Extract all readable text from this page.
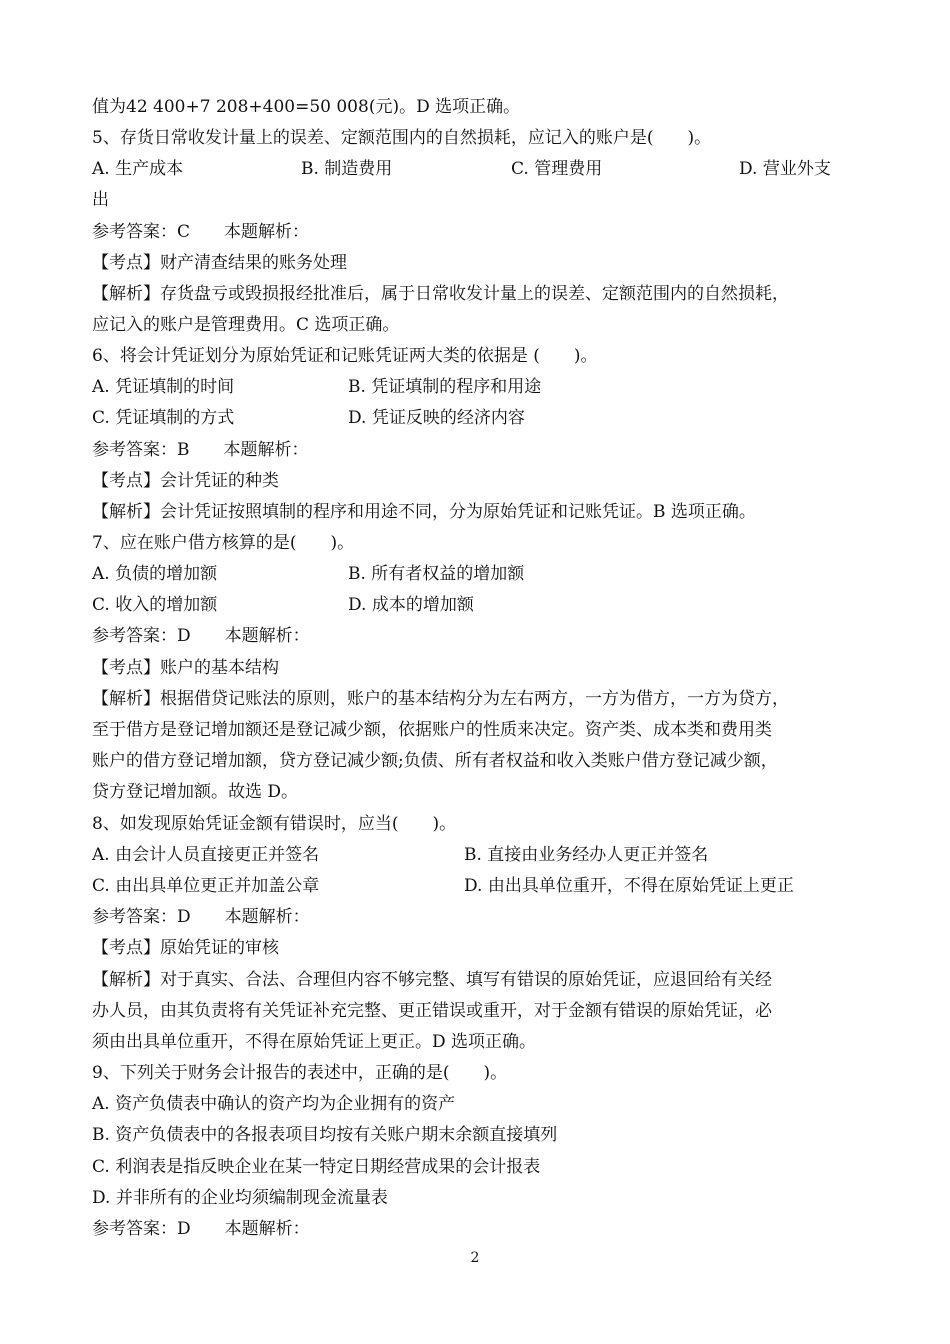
值为42 400+7 208+400=50 008(元)。D 选项正确。
5、存货日常收发计量上的误差、定额范围内的自然损耗，应记入的账户是(　　)。
A. 生产成本	B. 制造费用	C. 管理费用	D. 营业外支
出
参考答案：C　　本题解析：
【考点】财产清查结果的账务处理
【解析】存货盘亏或毁损报经批准后，属于日常收发计量上的误差、定额范围内的自然损耗，
应记入的账户是管理费用。C 选项正确。
6、将会计凭证划分为原始凭证和记账凭证两大类的依据是 (　　)。
A. 凭证填制的时间	B. 凭证填制的程序和用途
C. 凭证填制的方式	D. 凭证反映的经济内容
参考答案：B　　本题解析：
【考点】会计凭证的种类
【解析】会计凭证按照填制的程序和用途不同，分为原始凭证和记账凭证。B 选项正确。
7、应在账户借方核算的是(　　)。
A. 负债的增加额	B. 所有者权益的增加额
C. 收入的增加额	D. 成本的增加额
参考答案：D　　本题解析：
【考点】账户的基本结构
【解析】根据借贷记账法的原则，账户的基本结构分为左右两方，一方为借方，一方为贷方，
至于借方是登记增加额还是登记减少额，依据账户的性质来决定。资产类、成本类和费用类
账户的借方登记增加额，贷方登记减少额;负债、所有者权益和收入类账户借方登记减少额，
贷方登记增加额。故选 D。
8、如发现原始凭证金额有错误时，应当(　　)。
A. 由会计人员直接更正并签名	B. 直接由业务经办人更正并签名
C. 由出具单位更正并加盖公章	D. 由出具单位重开，不得在原始凭证上更正
参考答案：D　　本题解析：
【考点】原始凭证的审核
【解析】对于真实、合法、合理但内容不够完整、填写有错误的原始凭证，应退回给有关经
办人员，由其负责将有关凭证补充完整、更正错误或重开，对于金额有错误的原始凭证，必
须由出具单位重开，不得在原始凭证上更正。D 选项正确。
9、下列关于财务会计报告的表述中，正确的是(　　)。
A. 资产负债表中确认的资产均为企业拥有的资产
B. 资产负债表中的各报表项目均按有关账户期末余额直接填列
C. 利润表是指反映企业在某一特定日期经营成果的会计报表
D. 并非所有的企业均须编制现金流量表
参考答案：D　　本题解析：
2
